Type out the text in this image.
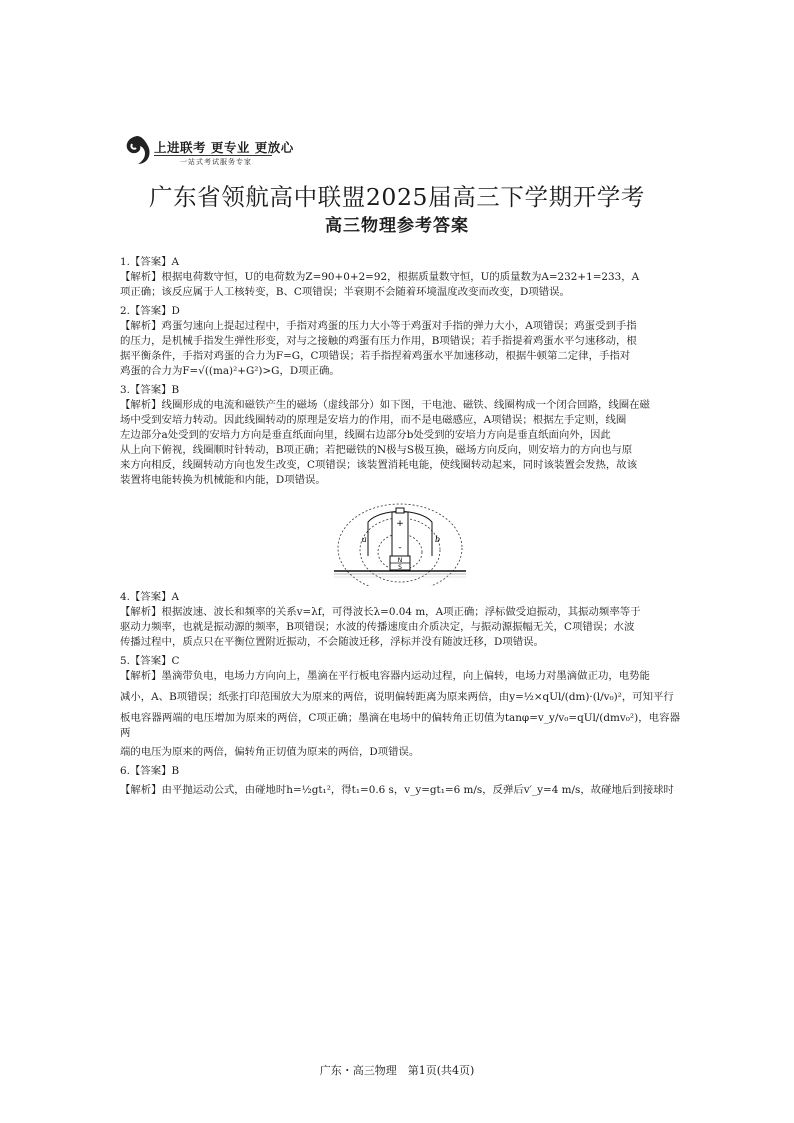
上进联考 更专业 更放心
一站式考试服务专家
广东省领航高中联盟2025届高三下学期开学考
高三物理参考答案
1.【答案】A
【解析】根据电荷数守恒，U的电荷数为Z=90+0+2=92，根据质量数守恒，U的质量数为A=232+1=233，A
项正确；该反应属于人工核转变，B、C项错误；半衰期不会随着环境温度改变而改变，D项错误。
2.【答案】D
【解析】鸡蛋匀速向上提起过程中，手指对鸡蛋的压力大小等于鸡蛋对手指的弹力大小，A项错误；鸡蛋受到手指
的压力，是机械手指发生弹性形变，对与之接触的鸡蛋有压力作用，B项错误；若手指提着鸡蛋水平匀速移动，根
据平衡条件，手指对鸡蛋的合力为F=G，C项错误；若手指捏着鸡蛋水平加速移动，根据牛顿第二定律，手指对
鸡蛋的合力为F=√((ma)²+G²)>G，D项正确。
3.【答案】B
【解析】线圈形成的电流和磁铁产生的磁场（虚线部分）如下图，干电池、磁铁、线圈构成一个闭合回路，线圈在磁
场中受到安培力转动。因此线圈转动的原理是安培力的作用，而不是电磁感应，A项错误；根据左手定则，线圈
左边部分a处受到的安培力方向是垂直纸面向里，线圈右边部分b处受到的安培力方向是垂直纸面向外，因此
从上向下俯视，线圈顺时针转动，B项正确；若把磁铁的N极与S极互换，磁场方向反向，则安培力的方向也与原
来方向相反，线圈转动方向也发生改变，C项错误；该装置消耗电能，使线圈转动起来，同时该装置会发热，故该
装置将电能转换为机械能和内能，D项错误。
+
-
N
S
a	b
4.【答案】A
【解析】根据波速、波长和频率的关系v=λf，可得波长λ=0.04 m，A项正确；浮标做受迫振动，其振动频率等于
驱动力频率，也就是振动源的频率，B项错误；水波的传播速度由介质决定，与振动源振幅无关，C项错误；水波
传播过程中，质点只在平衡位置附近振动，不会随波迁移，浮标并没有随波迁移，D项错误。
5.【答案】C
【解析】墨滴带负电，电场力方向向上，墨滴在平行板电容器内运动过程，向上偏转，电场力对墨滴做正功，电势能
减小，A、B项错误；纸张打印范围放大为原来的两倍，说明偏转距离为原来两倍，由y=½×qUl/(dm)·(l/v₀)²，可知平行
板电容器两端的电压增加为原来的两倍，C项正确；墨滴在电场中的偏转角正切值为tanφ=v_y/v₀=qUl/(dmv₀²)，电容器两
端的电压为原来的两倍，偏转角正切值为原来的两倍，D项错误。
6.【答案】B
【解析】由平抛运动公式，由碰地时h=½gt₁²，得t₁=0.6 s，v_y=gt₁=6 m/s，反弹后v′_y=4 m/s，故碰地后到接球时
广东・高三物理　第1页(共4页)
